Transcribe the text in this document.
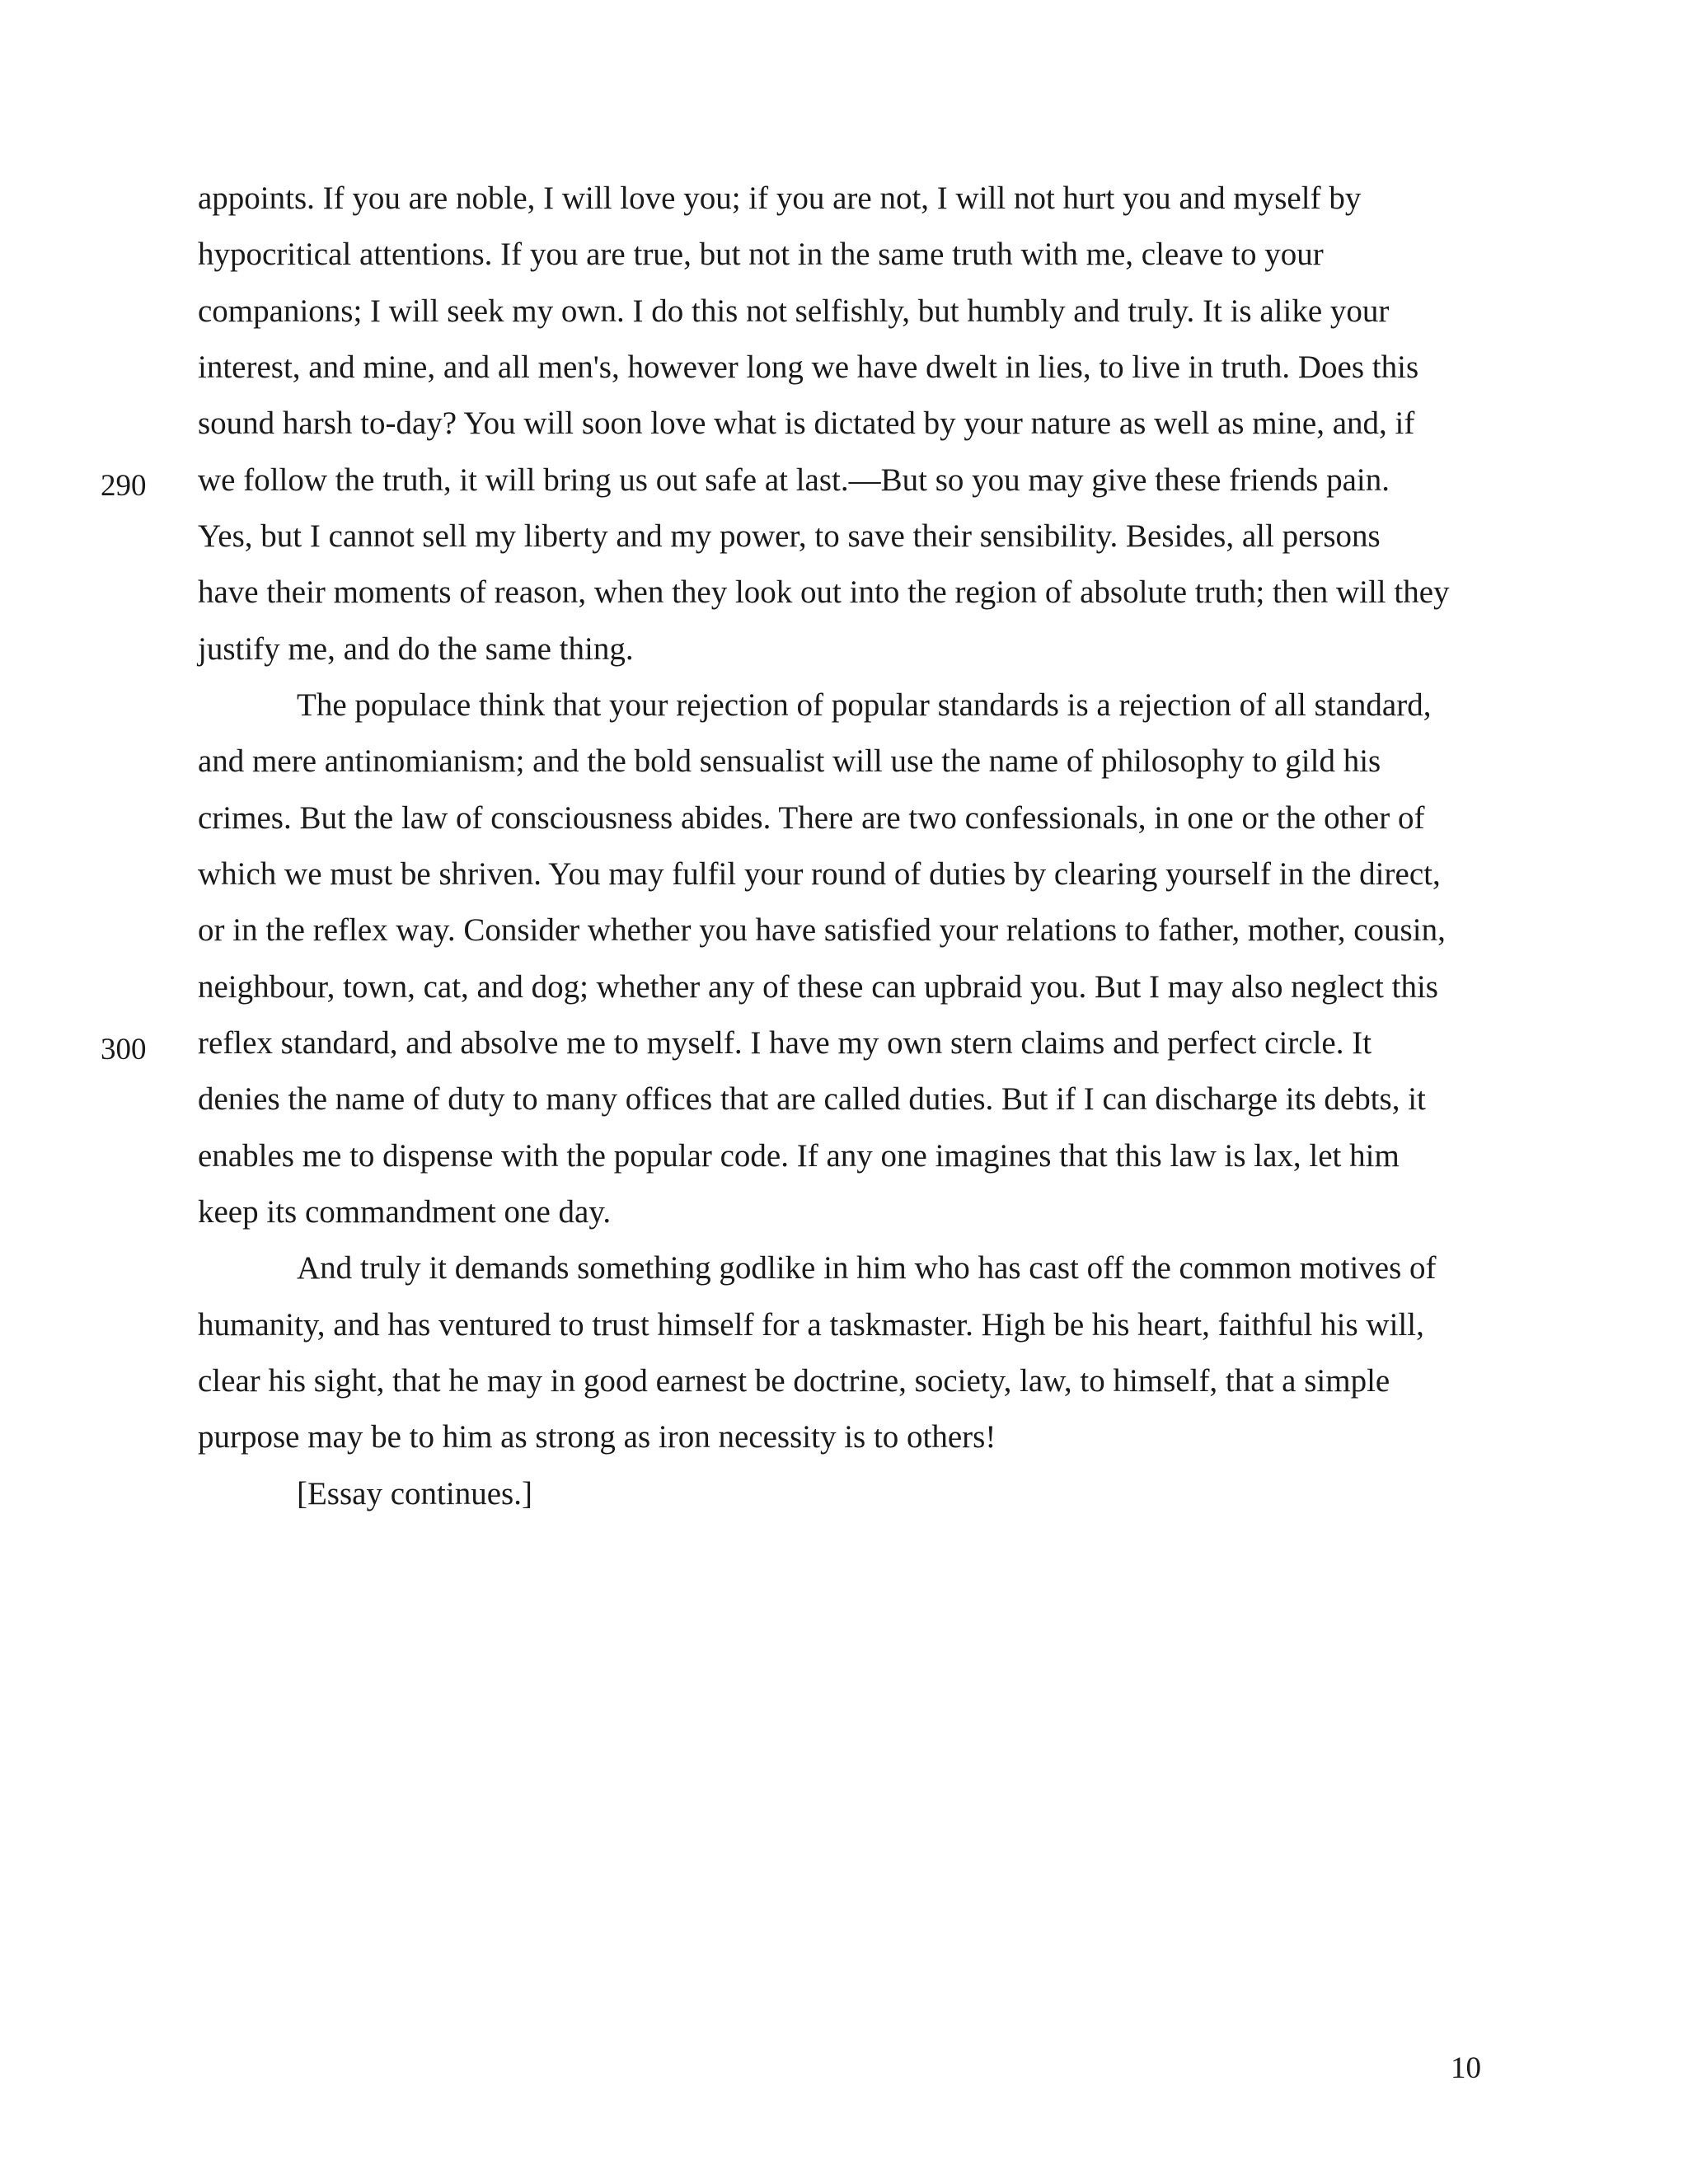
290
300
appoints. If you are noble, I will love you; if you are not, I will not hurt you and myself by
hypocritical attentions. If you are true, but not in the same truth with me, cleave to your
companions; I will seek my own. I do this not selfishly, but humbly and truly. It is alike your
interest, and mine, and all men's, however long we have dwelt in lies, to live in truth. Does this
sound harsh to-day? You will soon love what is dictated by your nature as well as mine, and, if
we follow the truth, it will bring us out safe at last.—But so you may give these friends pain.
Yes, but I cannot sell my liberty and my power, to save their sensibility. Besides, all persons
have their moments of reason, when they look out into the region of absolute truth; then will they
justify me, and do the same thing.
The populace think that your rejection of popular standards is a rejection of all standard,
and mere antinomianism; and the bold sensualist will use the name of philosophy to gild his
crimes. But the law of consciousness abides. There are two confessionals, in one or the other of
which we must be shriven. You may fulfil your round of duties by clearing yourself in the direct,
or in the reflex way. Consider whether you have satisfied your relations to father, mother, cousin,
neighbour, town, cat, and dog; whether any of these can upbraid you. But I may also neglect this
reflex standard, and absolve me to myself. I have my own stern claims and perfect circle. It
denies the name of duty to many offices that are called duties. But if I can discharge its debts, it
enables me to dispense with the popular code. If any one imagines that this law is lax, let him
keep its commandment one day.
And truly it demands something godlike in him who has cast off the common motives of
humanity, and has ventured to trust himself for a taskmaster. High be his heart, faithful his will,
clear his sight, that he may in good earnest be doctrine, society, law, to himself, that a simple
purpose may be to him as strong as iron necessity is to others!
[Essay continues.]
10
